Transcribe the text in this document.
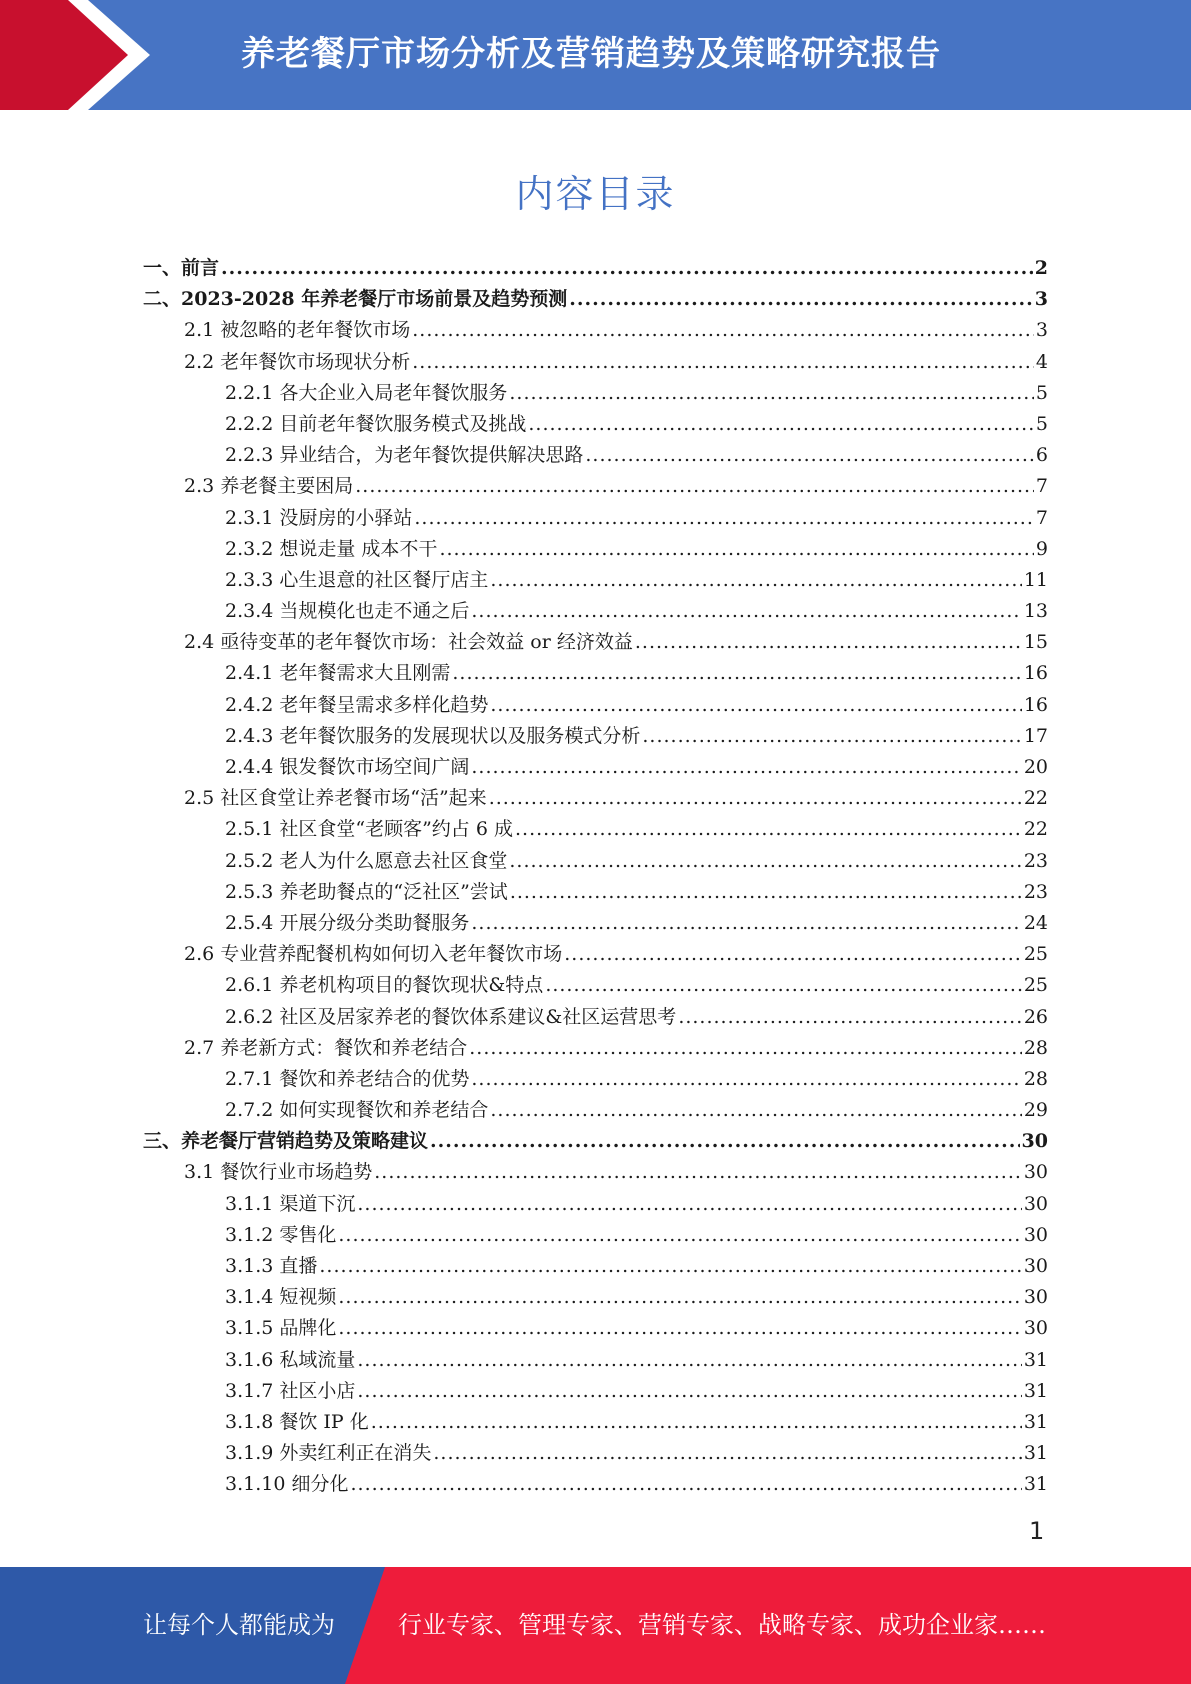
养老餐厅市场分析及营销趋势及策略研究报告
内容目录
一、前言 .....	2
二、2023-2028 年养老餐厅市场前景及趋势预测 .....	3
2.1 被忽略的老年餐饮市场 .....	3
2.2 老年餐饮市场现状分析 .....	4
2.2.1 各大企业入局老年餐饮服务 .....	5
2.2.2 目前老年餐饮服务模式及挑战 .....	5
2.2.3 异业结合，为老年餐饮提供解决思路 .....	6
2.3 养老餐主要困局 .....	7
2.3.1 没厨房的小驿站 .....	7
2.3.2 想说走量 成本不干 .....	9
2.3.3 心生退意的社区餐厅店主 .....	11
2.3.4 当规模化也走不通之后 .....	13
2.4 亟待变革的老年餐饮市场：社会效益 or 经济效益 .....	15
2.4.1 老年餐需求大且刚需 .....	16
2.4.2 老年餐呈需求多样化趋势 .....	16
2.4.3 老年餐饮服务的发展现状以及服务模式分析 .....	17
2.4.4 银发餐饮市场空间广阔 .....	20
2.5 社区食堂让养老餐市场“活”起来 .....	22
2.5.1 社区食堂“老顾客”约占 6 成 .....	22
2.5.2 老人为什么愿意去社区食堂 .....	23
2.5.3 养老助餐点的“泛社区”尝试 .....	23
2.5.4 开展分级分类助餐服务 .....	24
2.6 专业营养配餐机构如何切入老年餐饮市场 .....	25
2.6.1 养老机构项目的餐饮现状&特点 .....	25
2.6.2 社区及居家养老的餐饮体系建议&社区运营思考 .....	26
2.7 养老新方式：餐饮和养老结合 .....	28
2.7.1 餐饮和养老结合的优势 .....	28
2.7.2 如何实现餐饮和养老结合 .....	29
三、养老餐厅营销趋势及策略建议 .....	30
3.1 餐饮行业市场趋势 .....	30
3.1.1 渠道下沉 .....	30
3.1.2 零售化 .....	30
3.1.3 直播 .....	30
3.1.4 短视频 .....	30
3.1.5 品牌化 .....	30
3.1.6 私域流量 .....	31
3.1.7 社区小店 .....	31
3.1.8 餐饮 IP 化 .....	31
3.1.9 外卖红利正在消失 .....	31
3.1.10 细分化 .....	31
1
让每个人都能成为	行业专家、管理专家、营销专家、战略专家、成功企业家……
